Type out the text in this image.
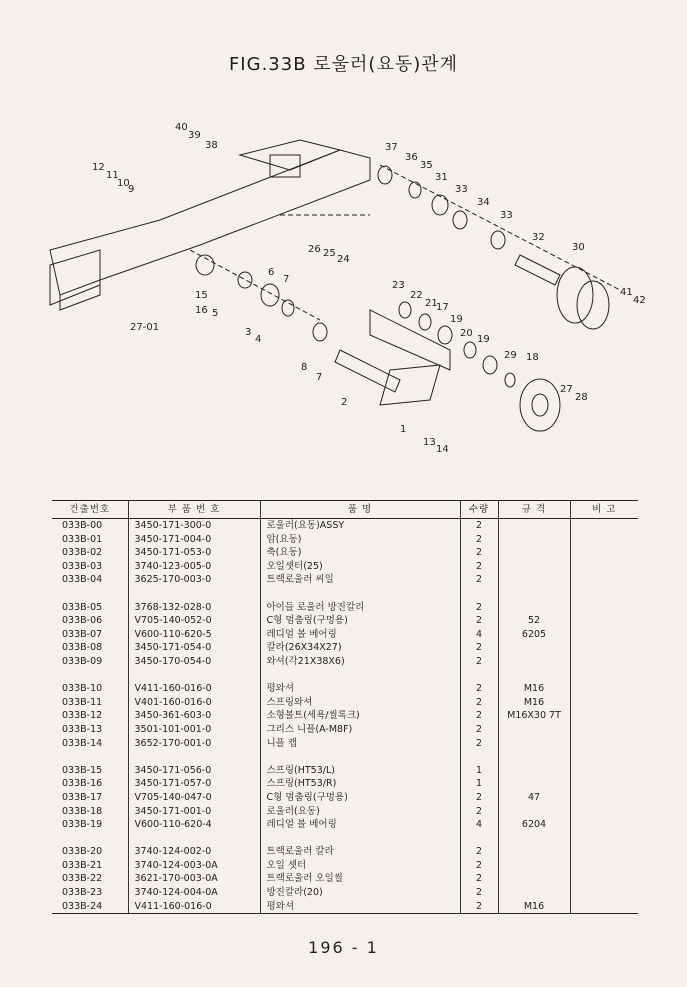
FIG.33B 로울러(요동)관계
40
39
38	37
36
35
31
33
34
33
32
30
41
42
12
11
10
9
26 25
24
6
7
15
16 5
3
4
27-01
23
22
21
17
19
20
19
29 18
8
7
2
27
28
1
13
14
건출번호	부 품 번 호	품 명	수량	규 격	비 고
033B-00	3450-171-300-0	로울러(요동)ASSY	2		
033B-01	3450-171-004-0	암(요동)	2		
033B-02	3450-171-053-0	축(요동)	2		
033B-03	3740-123-005-0	오일셋터(25)	2		
033B-04	3625-170-003-0	트랙로울러 씨일	2		

033B-05	3768-132-028-0	아이들 로울러 방진칼리	2		
033B-06	V705-140-052-0	C형 멈춤링(구멍용)	2	52	
033B-07	V600-110-620-5	레디얼 볼 베어링	4	6205	
033B-08	3450-171-054-0	칼라(26X34X27)	2		
033B-09	3450-170-054-0	와셔(각21X38X6)	2		

033B-10	V411-160-016-0	평와셔	2	M16	
033B-11	V401-160-016-0	스프링와셔	2	M16	
033B-12	3450-361-603-0	소형볼트(세욕/씰록크)	2	M16X30 7T	
033B-13	3501-101-001-0	그리스 니플(A-M8F)	2		
033B-14	3652-170-001-0	니플 캡	2		

033B-15	3450-171-056-0	스프링(HT53/L)	1		
033B-16	3450-171-057-0	스프링(HT53/R)	1		
033B-17	V705-140-047-0	C형 멈춤링(구멍용)	2	47	
033B-18	3450-171-001-0	로울러(요동)	2		
033B-19	V600-110-620-4	레디얼 볼 베어링	4	6204	

033B-20	3740-124-002-0	트랙로울러 칼라	2		
033B-21	3740-124-003-0A	오일 셋터	2		
033B-22	3621-170-003-0A	트랙로울러 오일씰	2		
033B-23	3740-124-004-0A	방진칼라(20)	2		
033B-24	V411-160-016-0	평와셔	2	M16	
196 - 1
